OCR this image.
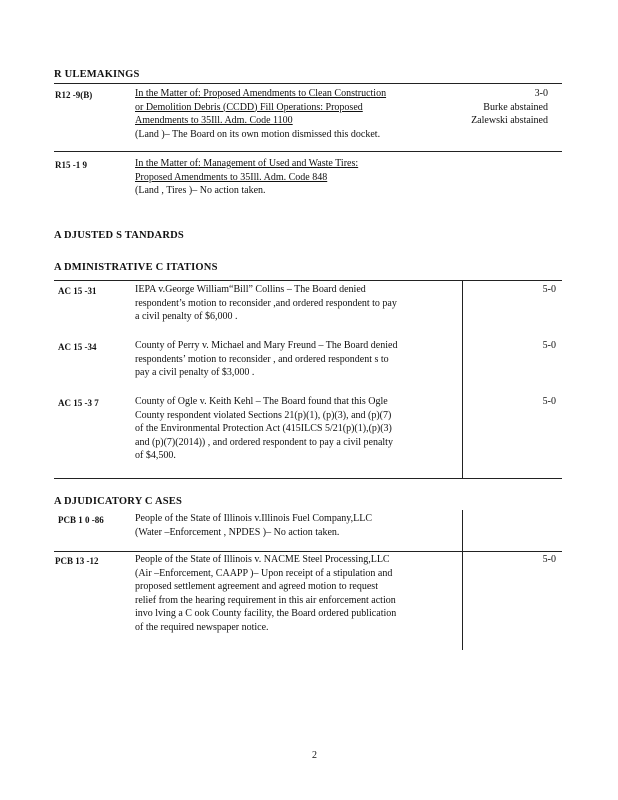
R ULEMAKINGS
R12 -9(B)	In the Matter of: Proposed Amendments to Clean Construction
or Demolition Debris (CCDD) Fill Operations: Proposed
Amendments to 35Ill. Adm. Code 1100
(Land )– The Board on its own motion dismissed this docket.
3-0
Burke abstained
Zalewski abstained
R15 -1 9	In the Matter of: Management of Used and Waste Tires:
Proposed Amendments to 35Ill. Adm. Code 848
(Land , Tires )– No action taken.
A DJUSTED S TANDARDS
A DMINISTRATIVE C ITATIONS
AC 15 -31	IEPA v.George William“Bill” Collins – The Board denied
respondent’s motion to reconsider ,and ordered respondent to pay
a civil penalty of $6,000 .
5-0
AC 15 -34	County of Perry v. Michael and Mary Freund – The Board denied
respondents’ motion to reconsider , and ordered respondent s to
pay a civil penalty of $3,000 .
5-0
AC 15 -3 7	County of Ogle v. Keith Kehl – The Board found that this Ogle
County respondent violated Sections 21(p)(1), (p)(3), and (p)(7)
of the Environmental Protection Act (415ILCS 5/21(p)(1),(p)(3)
and (p)(7)(2014)) , and ordered respondent to pay a civil penalty
of $4,500.
5-0
A DJUDICATORY C ASES
PCB 1 0 -86	People of the State of Illinois v.Illinois Fuel Company,LLC
(Water –Enforcement , NPDES )– No action taken.
PCB 13 -12	People of the State of Illinois v. NACME Steel Processing,LLC
(Air –Enforcement, CAAPP )– Upon receipt of a stipulation and
proposed settlement agreement and agreed motion to request
relief from the hearing requirement in this air enforcement action
invo lving a C ook County facility, the Board ordered publication
of the required newspaper notice.
5-0
2
